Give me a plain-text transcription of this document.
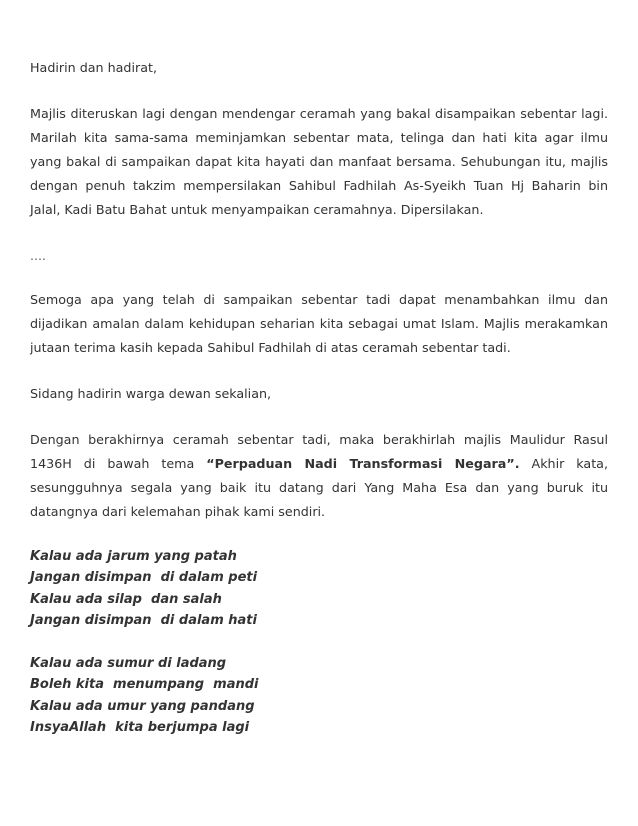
Hadirin dan hadirat,

Majlis diteruskan lagi dengan mendengar ceramah yang bakal disampaikan sebentar lagi.
Marilah kita sama-sama meminjamkan sebentar mata, telinga dan hati kita agar ilmu
yang bakal di sampaikan dapat kita hayati dan manfaat bersama. Sehubungan itu, majlis
dengan penuh takzim mempersilakan Sahibul Fadhilah As-Syeikh Tuan Hj Baharin bin
Jalal, Kadi Batu Bahat untuk menyampaikan ceramahnya. Dipersilakan.

….

Semoga apa yang telah di sampaikan sebentar tadi dapat menambahkan ilmu dan
dijadikan amalan dalam kehidupan seharian kita sebagai umat Islam. Majlis merakamkan
jutaan terima kasih kepada Sahibul Fadhilah di atas ceramah sebentar tadi.

Sidang hadirin warga dewan sekalian,

Dengan berakhirnya ceramah sebentar tadi, maka berakhirlah majlis Maulidur Rasul
1436H di bawah tema “Perpaduan Nadi Transformasi Negara”. Akhir kata,
sesungguhnya segala yang baik itu datang dari Yang Maha Esa dan yang buruk itu
datangnya dari kelemahan pihak kami sendiri.

Kalau ada jarum yang patah
Jangan disimpan  di dalam peti
Kalau ada silap  dan salah
Jangan disimpan  di dalam hati
Kalau ada sumur di ladang
Boleh kita  menumpang  mandi
Kalau ada umur yang pandang
InsyaAllah  kita berjumpa lagi
